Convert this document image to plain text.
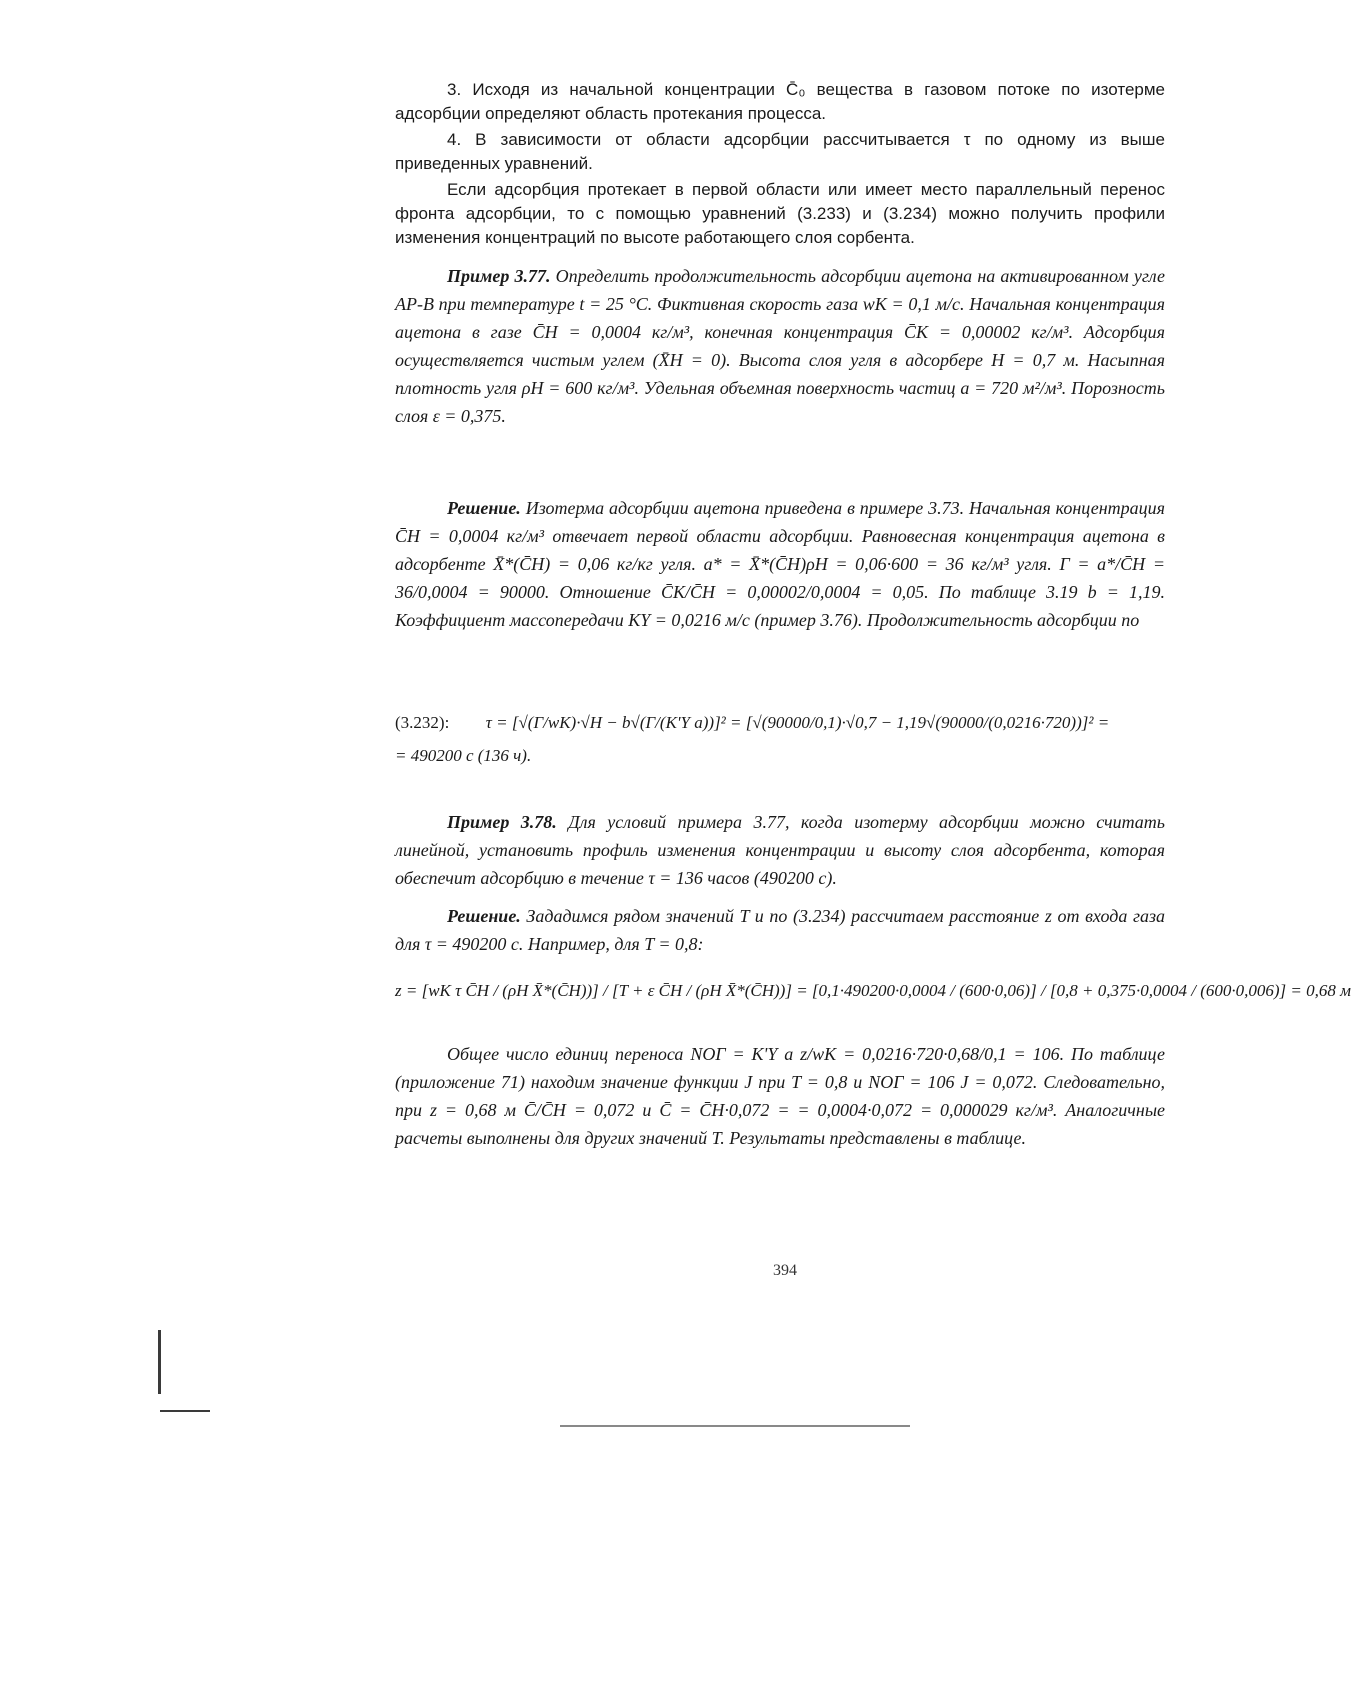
3. Исходя из начальной концентрации C̄₀ вещества в газовом потоке по изотерме адсорбции определяют область протекания процесса.
4. В зависимости от области адсорбции рассчитывается τ по одному из выше приведенных уравнений.
Если адсорбция протекает в первой области или имеет место параллельный перенос фронта адсорбции, то с помощью уравнений (3.233) и (3.234) можно получить профили изменения концентраций по высоте работающего слоя сорбента.
Пример 3.77. Определить продолжительность адсорбции ацетона на активированном угле АР-В при температуре t = 25 °С. Фиктивная скорость газа wK = 0,1 м/с. Начальная концентрация ацетона в газе C̄H = 0,0004 кг/м³, конечная концентрация C̄K = 0,00002 кг/м³. Адсорбция осуществляется чистым углем (X̄H = 0). Высота слоя угля в адсорбере H = 0,7 м. Насыпная плотность угля ρH = 600 кг/м³. Удельная объемная поверхность частиц a = 720 м²/м³. Порозность слоя ε = 0,375.
Решение. Изотерма адсорбции ацетона приведена в примере 3.73. Начальная концентрация C̄H = 0,0004 кг/м³ отвечает первой области адсорбции. Равновесная концентрация ацетона в адсорбенте X̄*(C̄H) = 0,06 кг/кг угля. a* = X̄*(C̄H)ρH = 0,06·600 = 36 кг/м³ угля. Г = a*/C̄H = 36/0,0004 = 90000. Отношение C̄K/C̄H = 0,00002/0,0004 = 0,05. По таблице 3.19 b = 1,19. Коэффициент массопередачи KY = 0,0216 м/с (пример 3.76). Продолжительность адсорбции по
(3.232): τ = [√(Г/wK)·√H − b√(Г/(K'Y a))]² = [√(90000/0,1)·√0,7 − 1,19√(90000/(0,0216·720))]² =
= 490200 с (136 ч).
Пример 3.78. Для условий примера 3.77, когда изотерму адсорбции можно считать линейной, установить профиль изменения концентрации и высоту слоя адсорбента, которая обеспечит адсорбцию в течение τ = 136 часов (490200 с).
Решение. Зададимся рядом значений T и по (3.234) рассчитаем расстояние z от входа газа для τ = 490200 с. Например, для T = 0,8:
z = [wK τ C̄H / (ρH X̄*(C̄H))] / [T + ε C̄H / (ρH X̄*(C̄H))] = [0,1·490200·0,0004 / (600·0,06)] / [0,8 + 0,375·0,0004 / (600·0,006)] = 0,68 м
Общее число единиц переноса NOГ = K'Y a z/wK = 0,0216·720·0,68/0,1 = 106. По таблице (приложение 71) находим значение функции J при T = 0,8 и NOГ = 106 J = 0,072. Следовательно, при z = 0,68 м C̄/C̄H = 0,072 и C̄ = C̄H·0,072 = = 0,0004·0,072 = 0,000029 кг/м³. Аналогичные расчеты выполнены для других значений T. Результаты представлены в таблице.
394
